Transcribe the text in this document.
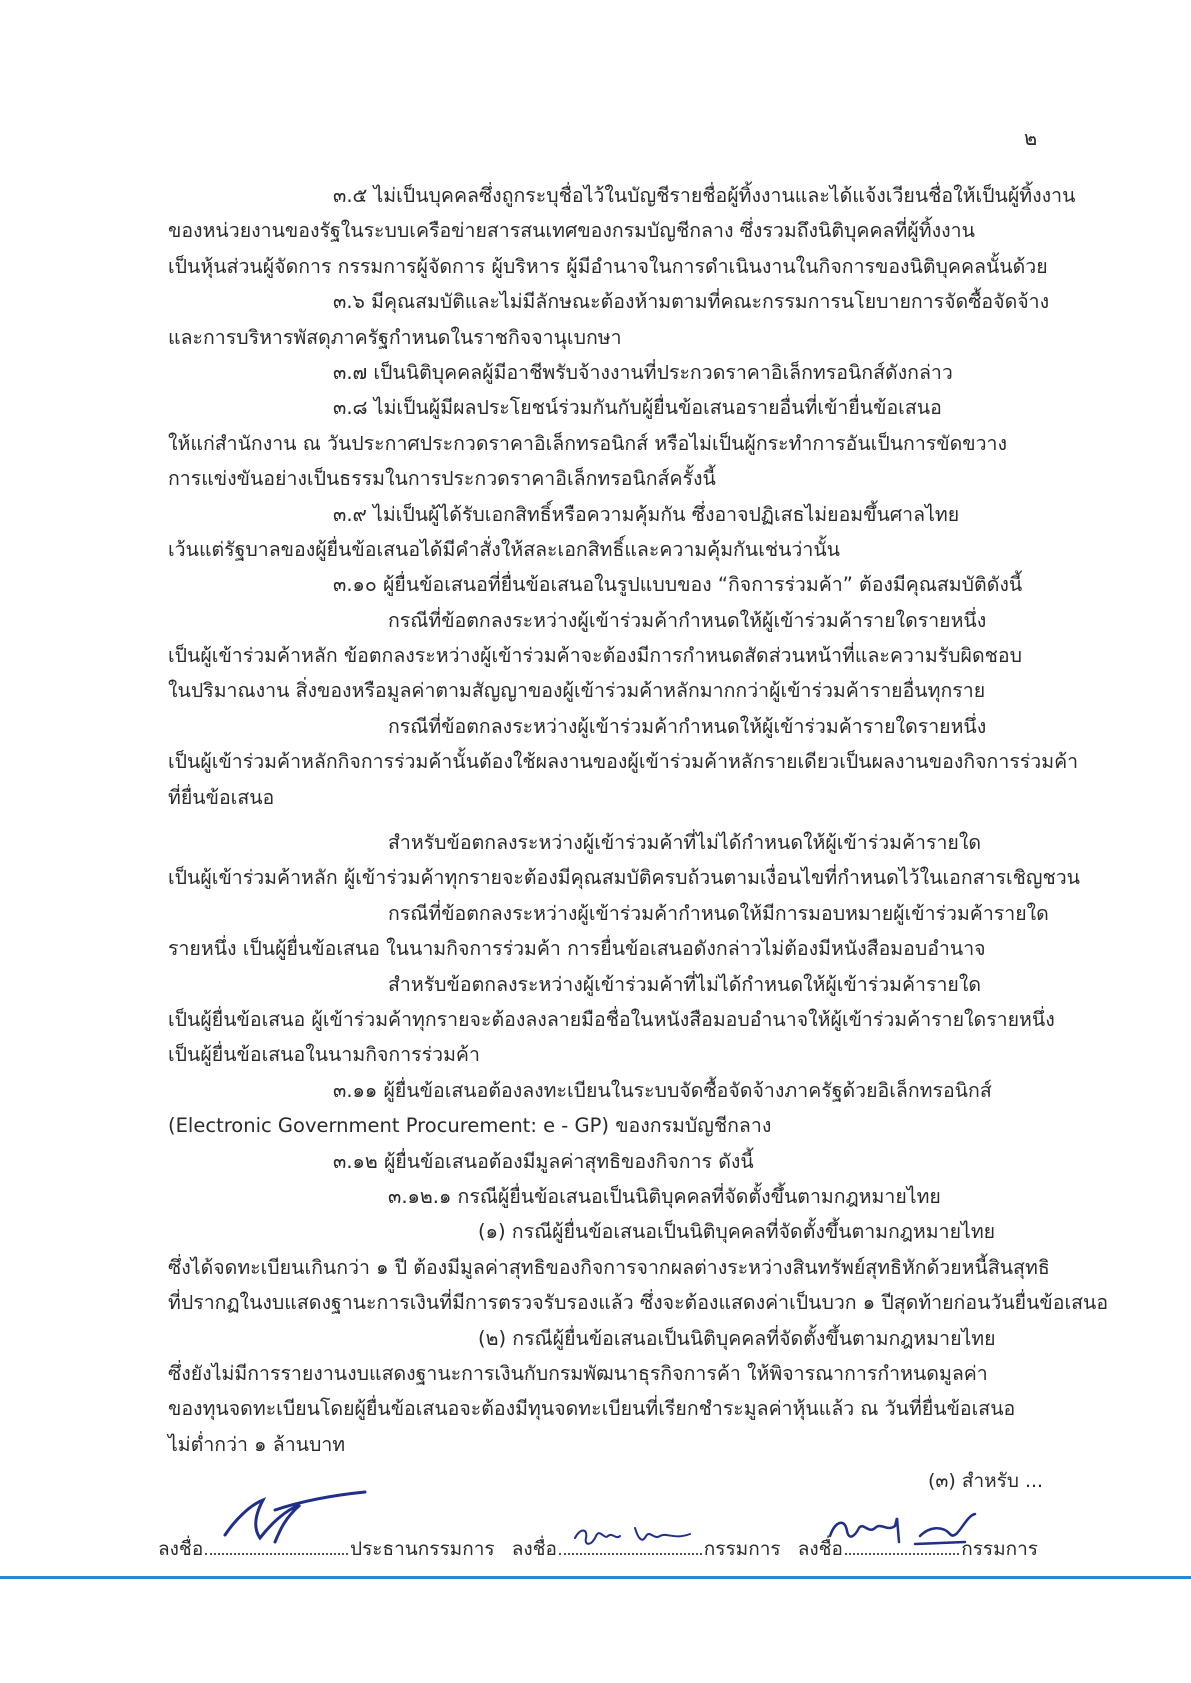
๒
๓.๕ ไม่เป็นบุคคลซึ่งถูกระบุชื่อไว้ในบัญชีรายชื่อผู้ทิ้งงานและได้แจ้งเวียนชื่อให้เป็นผู้ทิ้งงาน
ของหน่วยงานของรัฐในระบบเครือข่ายสารสนเทศของกรมบัญชีกลาง ซึ่งรวมถึงนิติบุคคลที่ผู้ทิ้งงาน
เป็นหุ้นส่วนผู้จัดการ กรรมการผู้จัดการ ผู้บริหาร ผู้มีอำนาจในการดำเนินงานในกิจการของนิติบุคคลนั้นด้วย
๓.๖ มีคุณสมบัติและไม่มีลักษณะต้องห้ามตามที่คณะกรรมการนโยบายการจัดซื้อจัดจ้าง
และการบริหารพัสดุภาครัฐกำหนดในราชกิจจานุเบกษา
๓.๗ เป็นนิติบุคคลผู้มีอาชีพรับจ้างงานที่ประกวดราคาอิเล็กทรอนิกส์ดังกล่าว
๓.๘ ไม่เป็นผู้มีผลประโยชน์ร่วมกันกับผู้ยื่นข้อเสนอรายอื่นที่เข้ายื่นข้อเสนอ
ให้แก่สำนักงาน ณ วันประกาศประกวดราคาอิเล็กทรอนิกส์ หรือไม่เป็นผู้กระทำการอันเป็นการขัดขวาง
การแข่งขันอย่างเป็นธรรมในการประกวดราคาอิเล็กทรอนิกส์ครั้งนี้
๓.๙ ไม่เป็นผู้ได้รับเอกสิทธิ์หรือความคุ้มกัน ซึ่งอาจปฏิเสธไม่ยอมขึ้นศาลไทย
เว้นแต่รัฐบาลของผู้ยื่นข้อเสนอได้มีคำสั่งให้สละเอกสิทธิ์และความคุ้มกันเช่นว่านั้น
๓.๑๐ ผู้ยื่นข้อเสนอที่ยื่นข้อเสนอในรูปแบบของ “กิจการร่วมค้า” ต้องมีคุณสมบัติดังนี้
กรณีที่ข้อตกลงระหว่างผู้เข้าร่วมค้ากำหนดให้ผู้เข้าร่วมค้ารายใดรายหนึ่ง
เป็นผู้เข้าร่วมค้าหลัก ข้อตกลงระหว่างผู้เข้าร่วมค้าจะต้องมีการกำหนดสัดส่วนหน้าที่และความรับผิดชอบ
ในปริมาณงาน สิ่งของหรือมูลค่าตามสัญญาของผู้เข้าร่วมค้าหลักมากกว่าผู้เข้าร่วมค้ารายอื่นทุกราย
กรณีที่ข้อตกลงระหว่างผู้เข้าร่วมค้ากำหนดให้ผู้เข้าร่วมค้ารายใดรายหนึ่ง
เป็นผู้เข้าร่วมค้าหลักกิจการร่วมค้านั้นต้องใช้ผลงานของผู้เข้าร่วมค้าหลักรายเดียวเป็นผลงานของกิจการร่วมค้า
ที่ยื่นข้อเสนอ
สำหรับข้อตกลงระหว่างผู้เข้าร่วมค้าที่ไม่ได้กำหนดให้ผู้เข้าร่วมค้ารายใด
เป็นผู้เข้าร่วมค้าหลัก ผู้เข้าร่วมค้าทุกรายจะต้องมีคุณสมบัติครบถ้วนตามเงื่อนไขที่กำหนดไว้ในเอกสารเชิญชวน
กรณีที่ข้อตกลงระหว่างผู้เข้าร่วมค้ากำหนดให้มีการมอบหมายผู้เข้าร่วมค้ารายใด
รายหนึ่ง เป็นผู้ยื่นข้อเสนอ ในนามกิจการร่วมค้า การยื่นข้อเสนอดังกล่าวไม่ต้องมีหนังสือมอบอำนาจ
สำหรับข้อตกลงระหว่างผู้เข้าร่วมค้าที่ไม่ได้กำหนดให้ผู้เข้าร่วมค้ารายใด
เป็นผู้ยื่นข้อเสนอ ผู้เข้าร่วมค้าทุกรายจะต้องลงลายมือชื่อในหนังสือมอบอำนาจให้ผู้เข้าร่วมค้ารายใดรายหนึ่ง
เป็นผู้ยื่นข้อเสนอในนามกิจการร่วมค้า
๓.๑๑ ผู้ยื่นข้อเสนอต้องลงทะเบียนในระบบจัดซื้อจัดจ้างภาครัฐด้วยอิเล็กทรอนิกส์
(Electronic Government Procurement: e - GP) ของกรมบัญชีกลาง
๓.๑๒ ผู้ยื่นข้อเสนอต้องมีมูลค่าสุทธิของกิจการ ดังนี้
๓.๑๒.๑ กรณีผู้ยื่นข้อเสนอเป็นนิติบุคคลที่จัดตั้งขึ้นตามกฎหมายไทย
(๑) กรณีผู้ยื่นข้อเสนอเป็นนิติบุคคลที่จัดตั้งขึ้นตามกฎหมายไทย
ซึ่งได้จดทะเบียนเกินกว่า ๑ ปี ต้องมีมูลค่าสุทธิของกิจการจากผลต่างระหว่างสินทรัพย์สุทธิหักด้วยหนี้สินสุทธิ
ที่ปรากฏในงบแสดงฐานะการเงินที่มีการตรวจรับรองแล้ว ซึ่งจะต้องแสดงค่าเป็นบวก ๑ ปีสุดท้ายก่อนวันยื่นข้อเสนอ
(๒) กรณีผู้ยื่นข้อเสนอเป็นนิติบุคคลที่จัดตั้งขึ้นตามกฎหมายไทย
ซึ่งยังไม่มีการรายงานงบแสดงฐานะการเงินกับกรมพัฒนาธุรกิจการค้า ให้พิจารณาการกำหนดมูลค่า
ของทุนจดทะเบียนโดยผู้ยื่นข้อเสนอจะต้องมีทุนจดทะเบียนที่เรียกชำระมูลค่าหุ้นแล้ว ณ วันที่ยื่นข้อเสนอ
ไม่ต่ำกว่า ๑ ล้านบาท
(๓) สำหรับ ...
ลงชื่อ	ประธานกรรมการ ลงชื่อ	กรรมการ ลงชื่อ	กรรมการ
